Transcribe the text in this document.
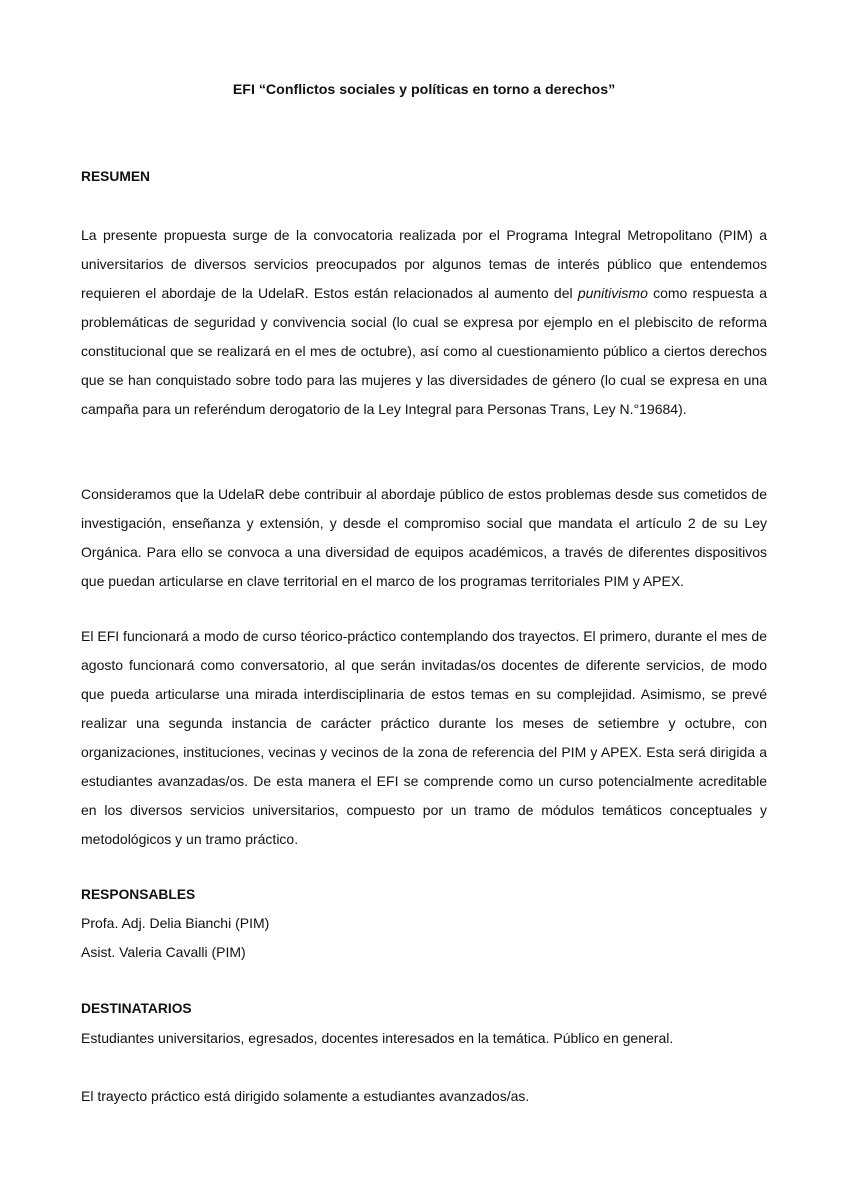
EFI “Conflictos sociales y políticas en torno a derechos”
RESUMEN

La presente propuesta surge de la convocatoria realizada por el Programa Integral Metropolitano (PIM) a universitarios de diversos servicios preocupados por algunos temas de interés público que entendemos requieren el abordaje de la UdelaR. Estos están relacionados al aumento del punitivismo como respuesta a problemáticas de seguridad y convivencia social (lo cual se expresa por ejemplo en el plebiscito de reforma constitucional que se realizará en el mes de octubre), así como al cuestionamiento público a ciertos derechos que se han conquistado sobre todo para las mujeres y las diversidades de género (lo cual se expresa en una campaña para un referéndum derogatorio de la Ley Integral para Personas Trans, Ley N.°19684).

Consideramos que la UdelaR debe contribuir al abordaje público de estos problemas desde sus cometidos de investigación, enseñanza y extensión, y desde el compromiso social que mandata el artículo 2 de su Ley Orgánica. Para ello se convoca a una diversidad de equipos académicos, a través de diferentes dispositivos que puedan articularse en clave territorial en el marco de los programas territoriales PIM y APEX.

El EFI funcionará a modo de curso téorico-práctico contemplando dos trayectos. El primero, durante el mes de agosto funcionará como conversatorio, al que serán invitadas/os docentes de diferente servicios, de modo que pueda articularse una mirada interdisciplinaria de estos temas en su complejidad. Asimismo, se prevé realizar una segunda instancia de carácter práctico durante los meses de setiembre y octubre, con organizaciones, instituciones, vecinas y vecinos de la zona de referencia del PIM y APEX. Esta será dirigida a estudiantes avanzadas/os. De esta manera el EFI se comprende como un curso potencialmente acreditable en los diversos servicios universitarios, compuesto por un tramo de módulos temáticos conceptuales y metodológicos y un tramo práctico.

RESPONSABLES

Profa. Adj. Delia Bianchi (PIM)

Asist. Valeria Cavalli (PIM)

DESTINATARIOS

Estudiantes universitarios, egresados, docentes interesados en la temática. Público en general.

El trayecto práctico está dirigido solamente a estudiantes avanzados/as.
